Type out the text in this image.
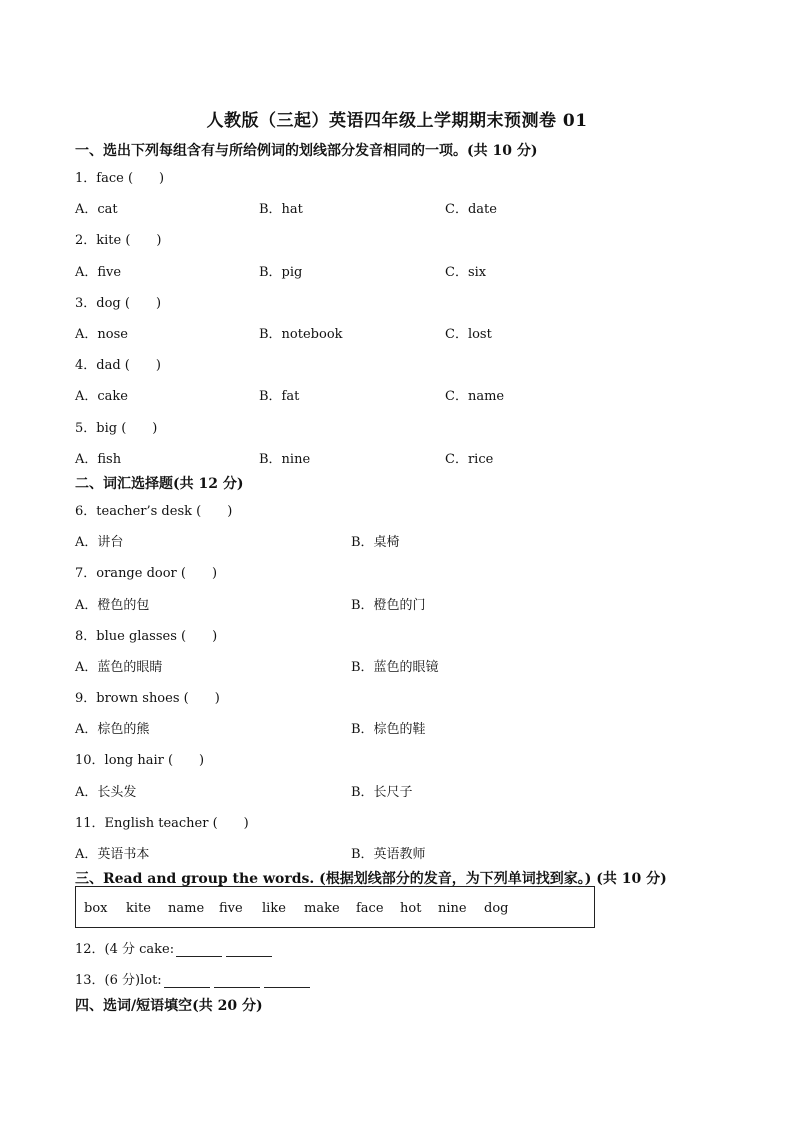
人教版（三起）英语四年级上学期期末预测卷 01
一、选出下列每组含有与所给例词的划线部分发音相同的一项。(共 10 分)
1．face (　　)
A．cat	B．hat	C．date
2．kite (　　)
A．five	B．pig	C．six
3．dog (　　)
A．nose	B．notebook	C．lost
4．dad (　　)
A．cake	B．fat	C．name
5．big (　　)
A．fish	B．nine	C．rice
二、词汇选择题(共 12 分)
6．teacher’s desk (　　)
A．讲台	B．桌椅
7．orange door (　　)
A．橙色的包	B．橙色的门
8．blue glasses (　　)
A．蓝色的眼睛	B．蓝色的眼镜
9．brown shoes (　　)
A．棕色的熊	B．棕色的鞋
10．long hair (　　)
A．长头发	B．长尺子
11．English teacher (　　)
A．英语书本	B．英语教师
三、Read and group the words. (根据划线部分的发音，为下列单词找到家。) (共 10 分)
box kite name five like make face hot nine dog
12．(4 分 cake:
13．(6 分)lot:
四、选词/短语填空(共 20 分)
